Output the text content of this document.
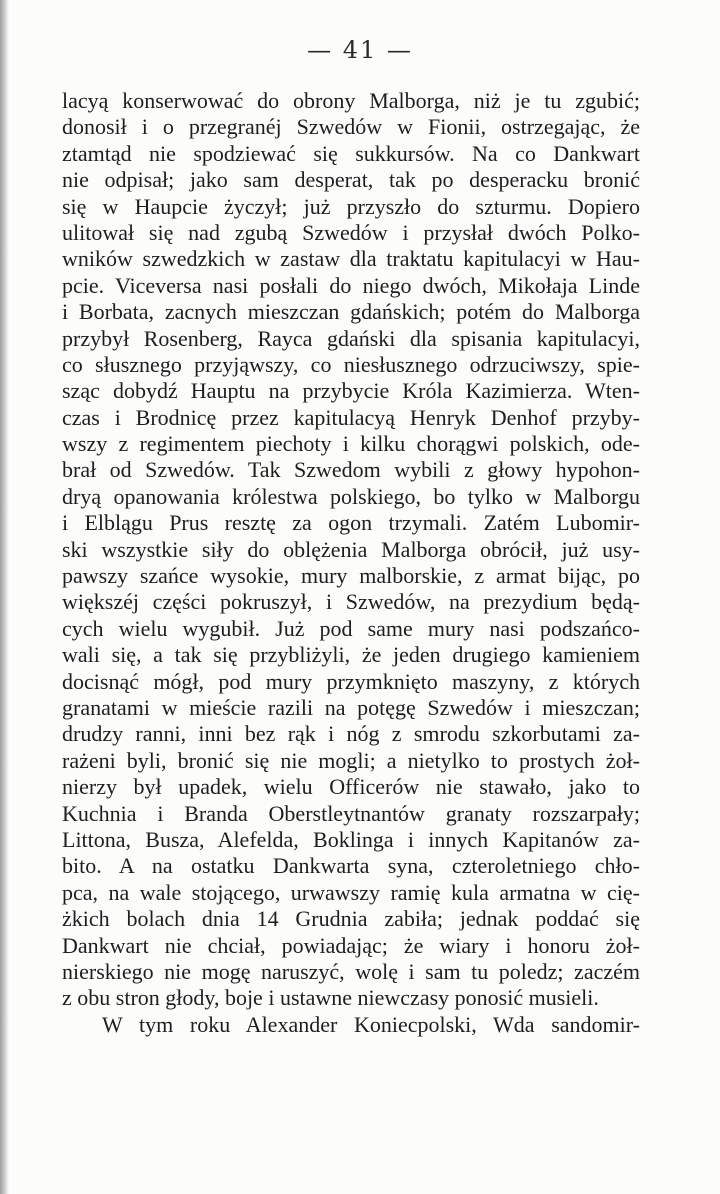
— 41 —
lacyą konserwować do obrony Malborga, niż je tu zgubić;
donosił i o przegranéj Szwedów w Fionii, ostrzegając, że
ztamtąd nie spodziewać się sukkursów. Na co Dankwart
nie odpisał; jako sam desperat, tak po desperacku bronić
się w Haupcie życzył; już przyszło do szturmu. Dopiero
ulitował się nad zgubą Szwedów i przysłał dwóch Polko-
wników szwedzkich w zastaw dla traktatu kapitulacyi w Hau-
pcie. Viceversa nasi posłali do niego dwóch, Mikołaja Linde
i Borbata, zacnych mieszczan gdańskich; potém do Malborga
przybył Rosenberg, Rayca gdański dla spisania kapitulacyi,
co słusznego przyjąwszy, co niesłusznego odrzuciwszy, spie-
sząc dobydź Hauptu na przybycie Króla Kazimierza. Wten-
czas i Brodnicę przez kapitulacyą Henryk Denhof przyby-
wszy z regimentem piechoty i kilku chorągwi polskich, ode-
brał od Szwedów. Tak Szwedom wybili z głowy hypohon-
dryą opanowania królestwa polskiego, bo tylko w Malborgu
i Elblągu Prus resztę za ogon trzymali. Zatém Lubomir-
ski wszystkie siły do oblężenia Malborga obrócił, już usy-
pawszy szańce wysokie, mury malborskie, z armat bijąc, po
większéj części pokruszył, i Szwedów, na prezydium będą-
cych wielu wygubił. Już pod same mury nasi podszańco-
wali się, a tak się przybliżyli, że jeden drugiego kamieniem
docisnąć mógł, pod mury przymknięto maszyny, z których
granatami w mieście razili na potęgę Szwedów i mieszczan;
drudzy ranni, inni bez rąk i nóg z smrodu szkorbutami za-
rażeni byli, bronić się nie mogli; a nietylko to prostych żoł-
nierzy był upadek, wielu Officerów nie stawało, jako to
Kuchnia i Branda Oberstleytnantów granaty rozszarpały;
Littona, Busza, Alefelda, Boklinga i innych Kapitanów za-
bito. A na ostatku Dankwarta syna, czteroletniego chło-
pca, na wale stojącego, urwawszy ramię kula armatna w cię-
żkich bolach dnia 14 Grudnia zabiła; jednak poddać się
Dankwart nie chciał, powiadając; że wiary i honoru żoł-
nierskiego nie mogę naruszyć, wolę i sam tu poledz; zaczém
z obu stron głody, boje i ustawne niewczasy ponosić musieli.
W tym roku Alexander Koniecpolski, Wda sandomir-
